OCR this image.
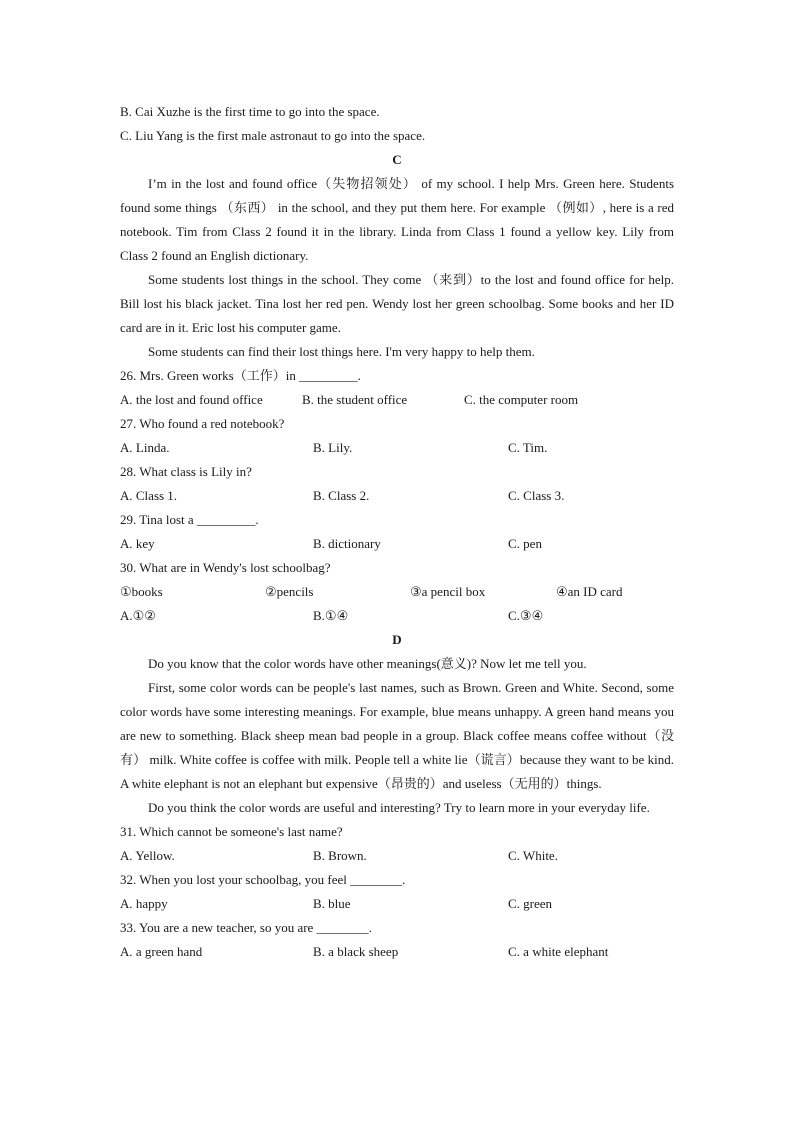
B. Cai Xuzhe is the first time to go into the space.
C. Liu Yang is the first male astronaut to go into the space.
C
I’m in the lost and found office（失物招领处） of my school. I help Mrs. Green here. Students found some things （东西） in the school, and they put them here. For example （例如）, here is a red notebook. Tim from Class 2 found it in the library. Linda from Class 1 found a yellow key. Lily from Class 2 found an English dictionary.
Some students lost things in the school. They come （来到）to the lost and found office for help. Bill lost his black jacket. Tina lost her red pen. Wendy lost her green schoolbag. Some books and her ID card are in it. Eric lost his computer game.
Some students can find their lost things here. I'm very happy to help them.
26. Mrs. Green works（工作）in _________.
A. the lost and found office	B. the student office	C. the computer room
27. Who found a red notebook?
A. Linda.	B. Lily.	C. Tim.
28. What class is Lily in?
A. Class 1.	B. Class 2.	C. Class 3.
29. Tina lost a _________.
A. key	B. dictionary	C. pen
30. What are in Wendy's lost schoolbag?
①books	②pencils	③a pencil box	④an ID card
A.①②	B.①④	C.③④
D
Do you know that the color words have other meanings(意义)? Now let me tell you.
First, some color words can be people's last names, such as Brown. Green and White. Second, some color words have some interesting meanings. For example, blue means unhappy. A green hand means you are new to something. Black sheep mean bad people in a group. Black coffee means coffee without（没有） milk. White coffee is coffee with milk. People tell a white lie（谎言）because they want to be kind. A white elephant is not an elephant but expensive（昂贵的）and useless（无用的）things.
Do you think the color words are useful and interesting? Try to learn more in your everyday life.
31. Which cannot be someone's last name?
A. Yellow.	B. Brown.	C. White.
32. When you lost your schoolbag, you feel ________.
A. happy	B. blue	C. green
33. You are a new teacher, so you are ________.
A. a green hand	B. a black sheep	C. a white elephant
